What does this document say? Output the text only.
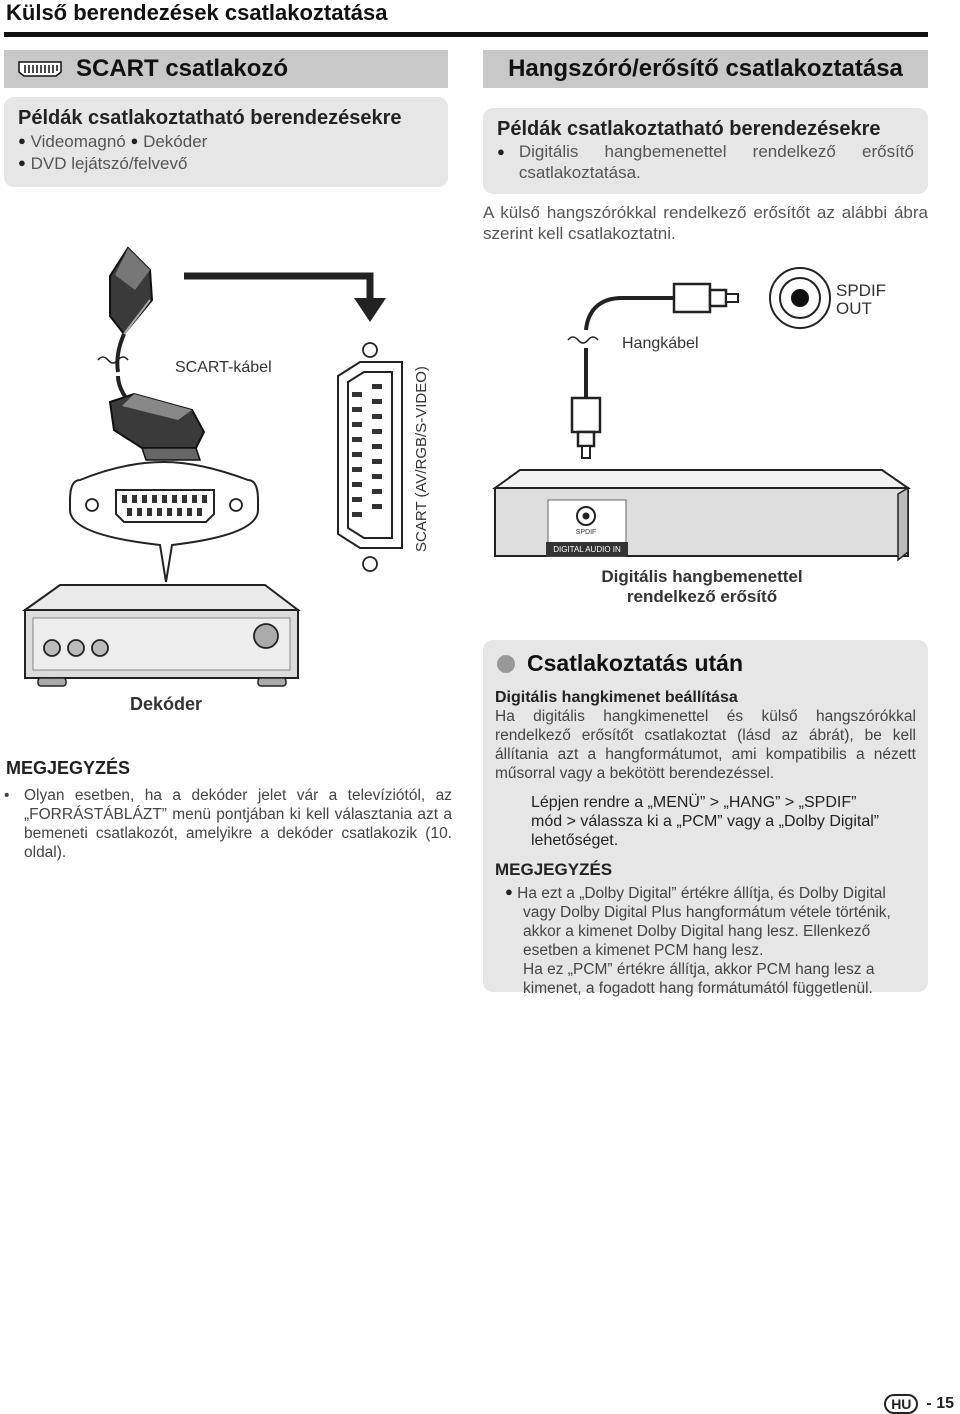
Külső berendezések csatlakoztatása
SCART csatlakozó	Hangszóró/erősítő csatlakoztatása
Példák csatlakoztatható berendezésekre
● Videomagnó ● Dekóder
● DVD lejátszó/felvevő
Példák csatlakoztatható berendezésekre
● Digitális hangbemenettel rendelkező erősítő
csatlakoztatása.
A külső hangszórókkal rendelkező erősítőt az alábbi ábra szerint kell csatlakoztatni.
SCART (AV/RGB/S-VIDEO)
SCART-kábel
Hangkábel
SPDIF
OUT
SPDIF
DIGITAL AUDIO IN
Digitális hangbemenettel
rendelkező erősítő
Dekóder
MEGJEGYZÉS
• Olyan esetben, ha a dekóder jelet vár a televíziótól, az „FORRÁSTÁBLÁZT” menü pontjában ki kell választania azt a bemeneti csatlakozót, amelyikre a dekóder csatlakozik (10. oldal).
Csatlakoztatás után
Digitális hangkimenet beállítása
Ha digitális hangkimenettel és külső hangszórókkal rendelkező erősítőt csatlakoztat (lásd az ábrát), be kell állítania azt a hangformátumot, ami kompatibilis a nézett műsorral vagy a bekötött berendezéssel.
Lépjen rendre a „MENÜ” > „HANG” > „SPDIF”
mód > válassza ki a „PCM” vagy a „Dolby Digital”
lehetőséget.
MEGJEGYZÉS
● Ha ezt a „Dolby Digital” értékre állítja, és Dolby Digital
vagy Dolby Digital Plus hangformátum vétele történik,
akkor a kimenet Dolby Digital hang lesz. Ellenkező
esetben a kimenet PCM hang lesz.
Ha ez „PCM” értékre állítja, akkor PCM hang lesz a
kimenet, a fogadott hang formátumától függetlenül.
HU - 15
